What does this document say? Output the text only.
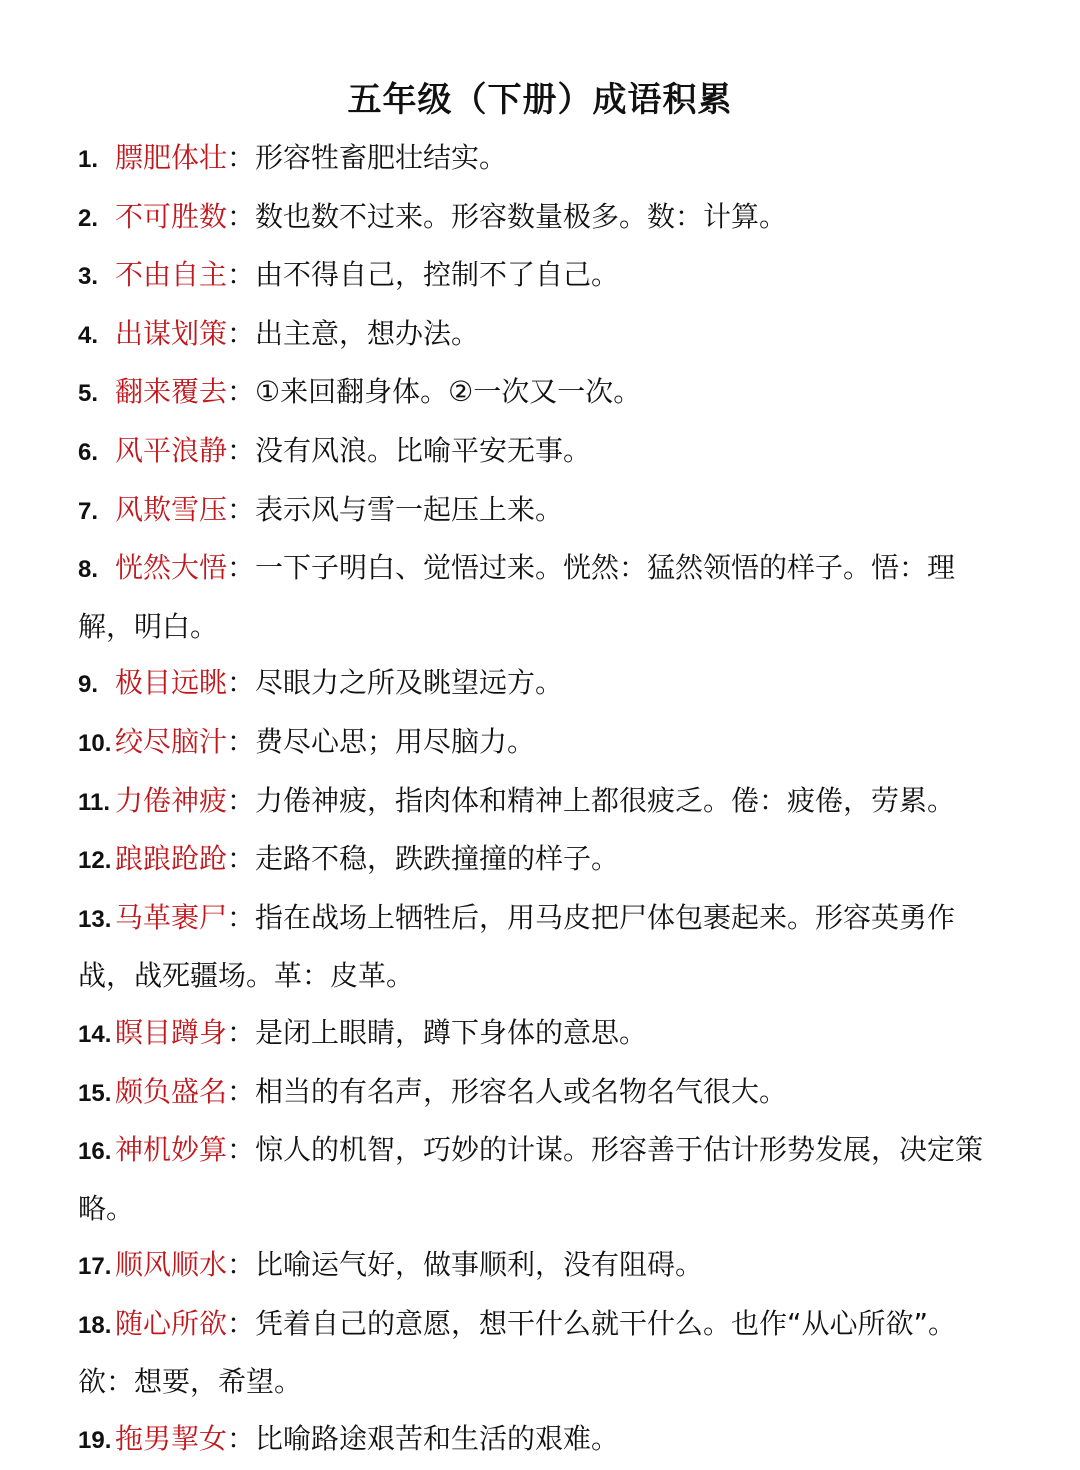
五年级（下册）成语积累
1. 膘肥体壮：形容牲畜肥壮结实。
2. 不可胜数：数也数不过来。形容数量极多。数：计算。
3. 不由自主：由不得自己，控制不了自己。
4. 出谋划策：出主意，想办法。
5. 翻来覆去：①来回翻身体。②一次又一次。
6. 风平浪静：没有风浪。比喻平安无事。
7. 风欺雪压：表示风与雪一起压上来。
8. 恍然大悟：一下子明白、觉悟过来。恍然：猛然领悟的样子。悟：理解，明白。
9. 极目远眺：尽眼力之所及眺望远方。
10. 绞尽脑汁：费尽心思；用尽脑力。
11. 力倦神疲：力倦神疲，指肉体和精神上都很疲乏。倦：疲倦，劳累。
12. 踉踉跄跄：走路不稳，跌跌撞撞的样子。
13. 马革裹尸：指在战场上牺牲后，用马皮把尸体包裹起来。形容英勇作战，战死疆场。革：皮革。
14. 瞑目蹲身：是闭上眼睛，蹲下身体的意思。
15. 颇负盛名：相当的有名声，形容名人或名物名气很大。
16. 神机妙算：惊人的机智，巧妙的计谋。形容善于估计形势发展，决定策略。
17. 顺风顺水：比喻运气好，做事顺利，没有阻碍。
18. 随心所欲：凭着自己的意愿，想干什么就干什么。也作“从心所欲”。欲：想要，希望。
19. 拖男挈女：比喻路途艰苦和生活的艰难。
